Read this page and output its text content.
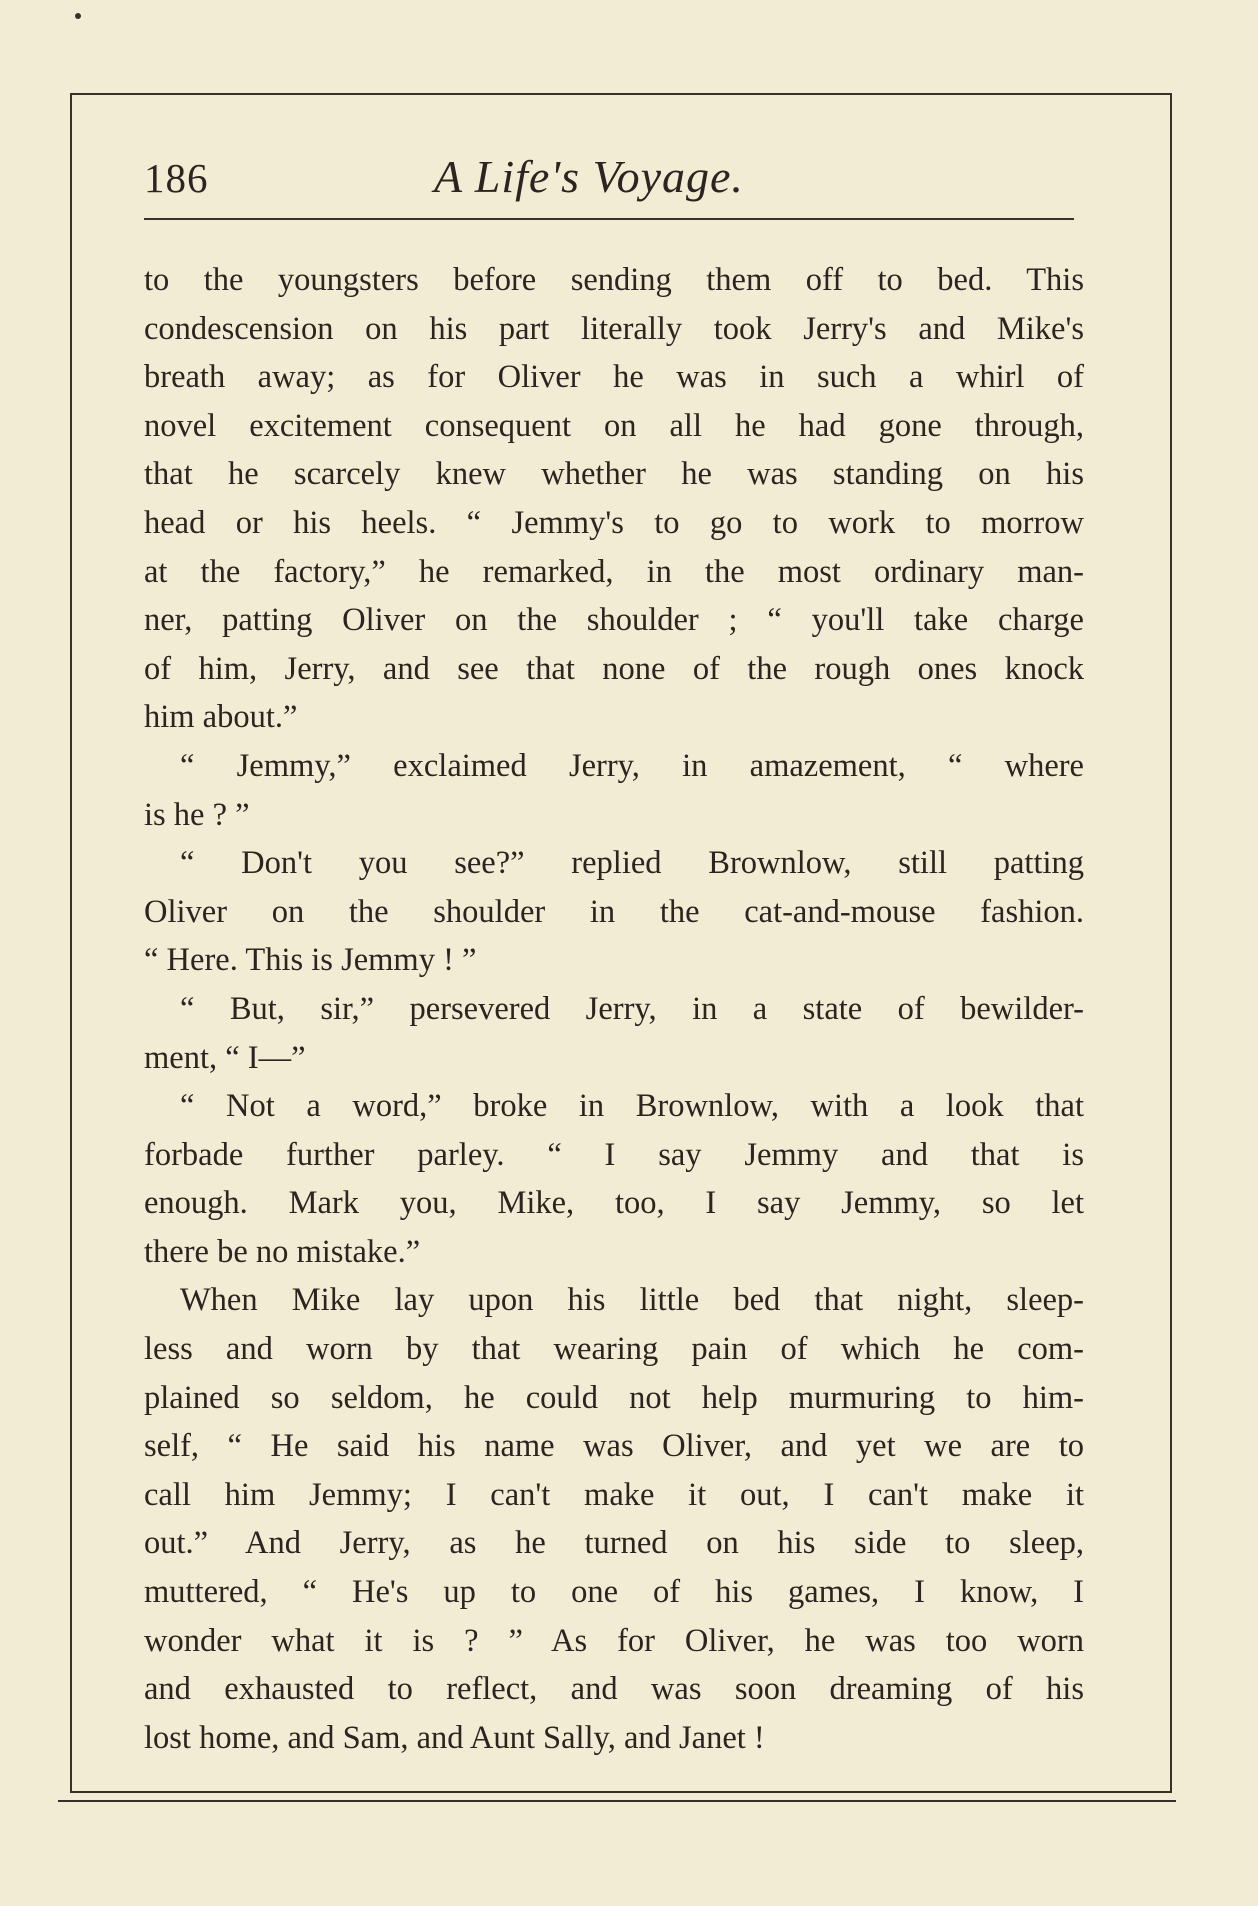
186	A Life's Voyage.
to the youngsters before sending them off to bed. This
condescension on his part literally took Jerry's and Mike's
breath away; as for Oliver he was in such a whirl of
novel excitement consequent on all he had gone through,
that he scarcely knew whether he was standing on his
head or his heels. “ Jemmy's to go to work to morrow
at the factory,” he remarked, in the most ordinary man-
ner, patting Oliver on the shoulder ; “ you'll take charge
of him, Jerry, and see that none of the rough ones knock
him about.”
“ Jemmy,” exclaimed Jerry, in amazement, “ where
is he ? ”
“ Don't you see?” replied Brownlow, still patting
Oliver on the shoulder in the cat-and-mouse fashion.
“ Here. This is Jemmy ! ”
“ But, sir,” persevered Jerry, in a state of bewilder-
ment, “ I—”
“ Not a word,” broke in Brownlow, with a look that
forbade further parley. “ I say Jemmy and that is
enough. Mark you, Mike, too, I say Jemmy, so let
there be no mistake.”
When Mike lay upon his little bed that night, sleep-
less and worn by that wearing pain of which he com-
plained so seldom, he could not help murmuring to him-
self, “ He said his name was Oliver, and yet we are to
call him Jemmy; I can't make it out, I can't make it
out.” And Jerry, as he turned on his side to sleep,
muttered, “ He's up to one of his games, I know, I
wonder what it is ? ” As for Oliver, he was too worn
and exhausted to reflect, and was soon dreaming of his
lost home, and Sam, and Aunt Sally, and Janet !
